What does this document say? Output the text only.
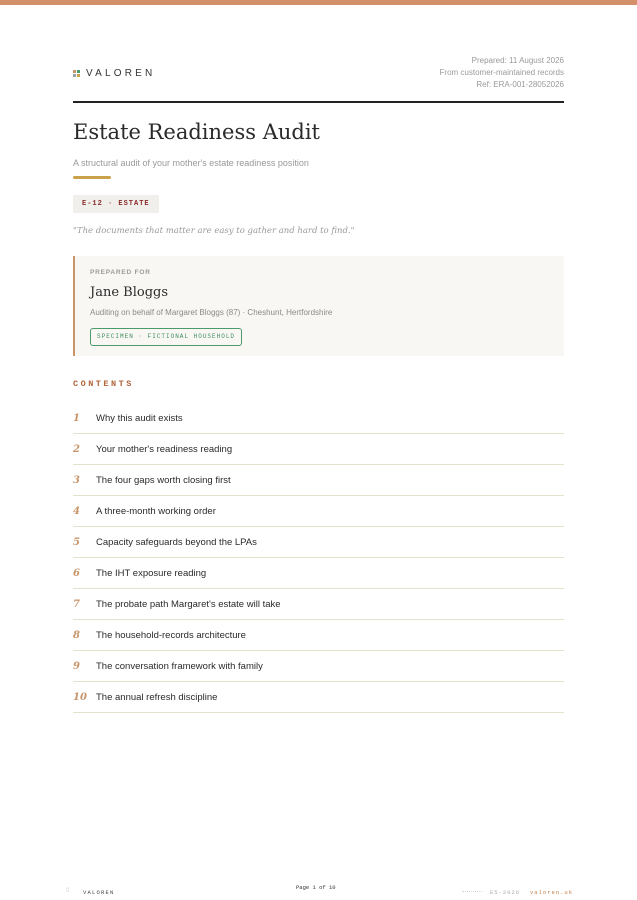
VALOREN
Prepared: 11 August 2026
From customer-maintained records
Ref: ERA-001-28052026
Estate Readiness Audit
A structural audit of your mother's estate readiness position
E-12 · ESTATE
"The documents that matter are easy to gather and hard to find."
PREPARED FOR
Jane Bloggs
Auditing on behalf of Margaret Bloggs (87) · Cheshunt, Hertfordshire
SPECIMEN · FICTIONAL HOUSEHOLD
CONTENTS
1	Why this audit exists
2	Your mother's readiness reading
3	The four gaps worth closing first
4	A three-month working order
5	Capacity safeguards beyond the LPAs
6	The IHT exposure reading
7	The probate path Margaret's estate will take
8	The household-records architecture
9	The conversation framework with family
10 The annual refresh discipline
⁞⁞ VALOREN
Page 1 of 10
E5-2026 valoren.uk
